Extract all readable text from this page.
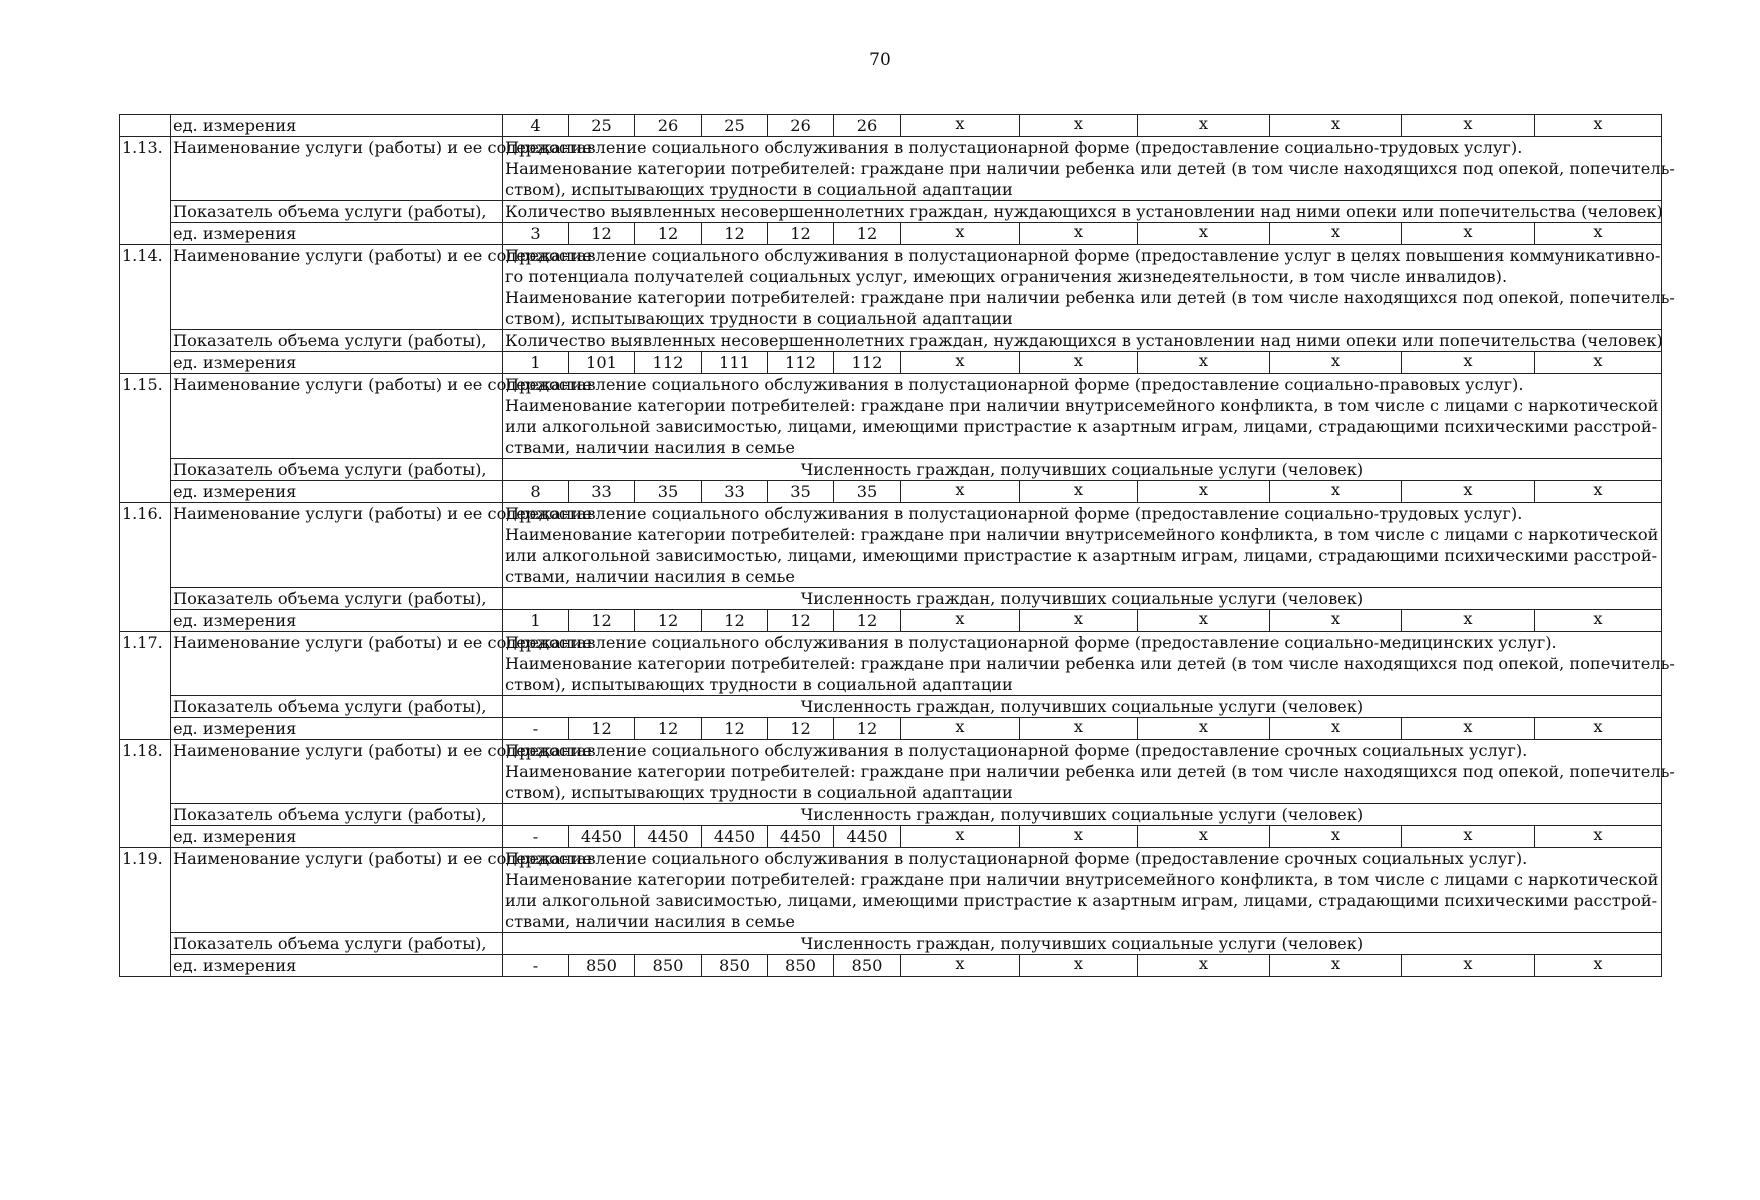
70
	ед. измерения	4	25	26	25	26	26	х	х	х	х	х	х
1.13.	Наименование услуги (работы) и ее содержание	Предоставление социального обслуживания в полустационарной форме (предоставление социально-трудовых услуг).

Наименование категории потребителей: граждане при наличии ребенка или детей (в том числе находящихся под опекой, попечитель-

ством), испытывающих трудности в социальной адаптации											

	Показатель объема услуги (работы),	Количество выявленных несовершеннолетних граждан, нуждающихся в установлении над ними опеки или попечительства (человек)											
	ед. измерения	3	12	12	12	12	12	х	х	х	х	х	х
1.14.	Наименование услуги (работы) и ее содержание	Предоставление социального обслуживания в полустационарной форме (предоставление услуг в целях повышения коммуникативно-

го потенциала получателей социальных услуг, имеющих ограничения жизнедеятельности, в том числе инвалидов).

Наименование категории потребителей: граждане при наличии ребенка или детей (в том числе находящихся под опекой, попечитель-

ством), испытывающих трудности в социальной адаптации											

	Показатель объема услуги (работы),	Количество выявленных несовершеннолетних граждан, нуждающихся в установлении над ними опеки или попечительства (человек)											
	ед. измерения	1	101	112	111	112	112	х	х	х	х	х	х
1.15.	Наименование услуги (работы) и ее содержание	Предоставление социального обслуживания в полустационарной форме (предоставление социально-правовых услуг).

Наименование категории потребителей: граждане при наличии внутрисемейного конфликта, в том числе с лицами с наркотической

или алкогольной зависимостью, лицами, имеющими пристрастие к азартным играм, лицами, страдающими психическими расстрой-

ствами, наличии насилия в семье											

	Показатель объема услуги (работы),	Численность граждан, получивших социальные услуги (человек)											
	ед. измерения	8	33	35	33	35	35	х	х	х	х	х	х
1.16.	Наименование услуги (работы) и ее содержание	Предоставление социального обслуживания в полустационарной форме (предоставление социально-трудовых услуг).

Наименование категории потребителей: граждане при наличии внутрисемейного конфликта, в том числе с лицами с наркотической

или алкогольной зависимостью, лицами, имеющими пристрастие к азартным играм, лицами, страдающими психическими расстрой-

ствами, наличии насилия в семье											

	Показатель объема услуги (работы),	Численность граждан, получивших социальные услуги (человек)											
	ед. измерения	1	12	12	12	12	12	х	х	х	х	х	х
1.17.	Наименование услуги (работы) и ее содержание	Предоставление социального обслуживания в полустационарной форме (предоставление социально-медицинских услуг).

Наименование категории потребителей: граждане при наличии ребенка или детей (в том числе находящихся под опекой, попечитель-

ством), испытывающих трудности в социальной адаптации											

	Показатель объема услуги (работы),	Численность граждан, получивших социальные услуги (человек)											
	ед. измерения	-	12	12	12	12	12	х	х	х	х	х	х
1.18.	Наименование услуги (работы) и ее содержание	Предоставление социального обслуживания в полустационарной форме (предоставление срочных социальных услуг).

Наименование категории потребителей: граждане при наличии ребенка или детей (в том числе находящихся под опекой, попечитель-

ством), испытывающих трудности в социальной адаптации											

	Показатель объема услуги (работы),	Численность граждан, получивших социальные услуги (человек)											
	ед. измерения	-	4450	4450	4450	4450	4450	х	х	х	х	х	х
1.19.	Наименование услуги (работы) и ее содержание	Предоставление социального обслуживания в полустационарной форме (предоставление срочных социальных услуг).

Наименование категории потребителей: граждане при наличии внутрисемейного конфликта, в том числе с лицами с наркотической

или алкогольной зависимостью, лицами, имеющими пристрастие к азартным играм, лицами, страдающими психическими расстрой-

ствами, наличии насилия в семье											

	Показатель объема услуги (работы),	Численность граждан, получивших социальные услуги (человек)											
	ед. измерения	-	850	850	850	850	850	х	х	х	х	х	х
